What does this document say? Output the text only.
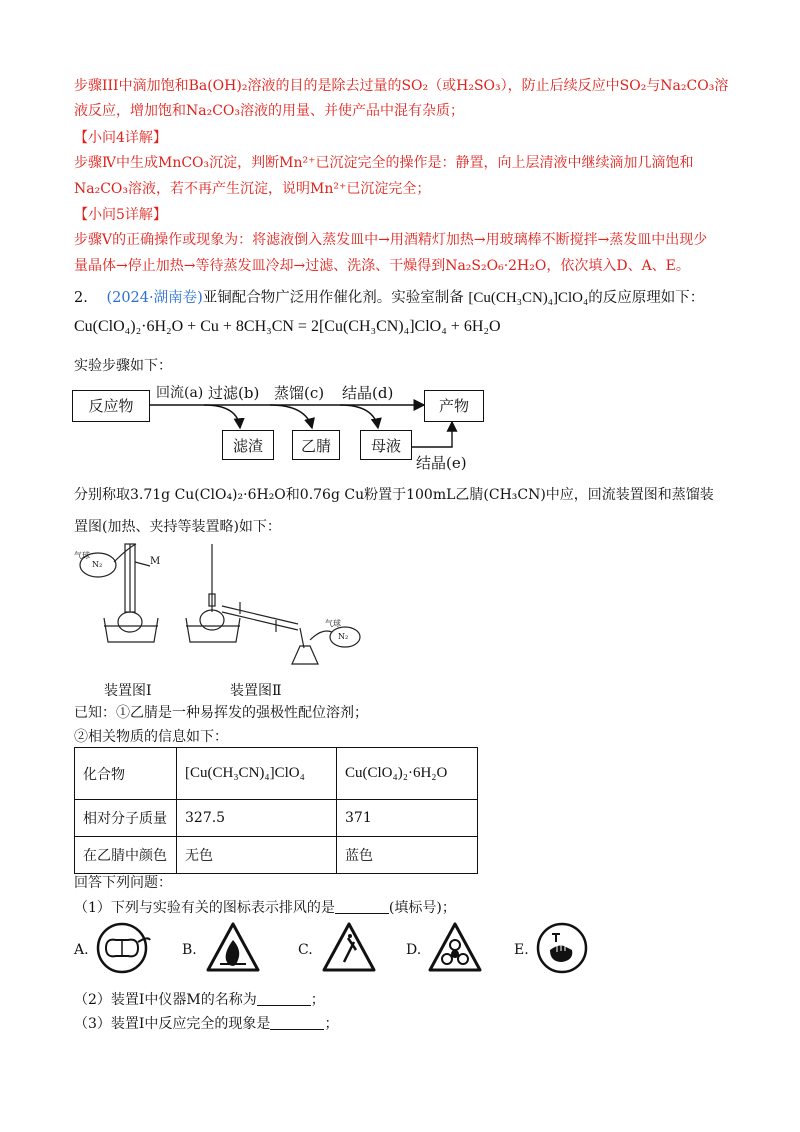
步骤III中滴加饱和Ba(OH)₂溶液的目的是除去过量的SO₂（或H₂SO₃），防止后续反应中SO₂与Na₂CO₃溶
液反应，增加饱和Na₂CO₃溶液的用量、并使产品中混有杂质；
【小问4详解】
步骤Ⅳ中生成MnCO₃沉淀，判断Mn²⁺已沉淀完全的操作是：静置，向上层清液中继续滴加几滴饱和
Na₂CO₃溶液，若不再产生沉淀，说明Mn²⁺已沉淀完全；
【小问5详解】
步骤Ⅴ的正确操作或现象为：将滤液倒入蒸发皿中→用酒精灯加热→用玻璃棒不断搅拌→蒸发皿中出现少
量晶体→停止加热→等待蒸发皿冷却→过滤、洗涤、干燥得到Na₂S₂O₆·2H₂O，依次填入D、A、E。
2. (2024·湖南卷)亚铜配合物广泛用作催化剂。实验室制备 [Cu(CH₃CN)₄]ClO₄的反应原理如下：
Cu(ClO₄)₂·6H₂O + Cu + 8CH₃CN = 2[Cu(CH₃CN)₄]ClO₄ + 6H₂O
实验步骤如下：
反应物
回流(a) 过滤(b) 蒸馏(c) 结晶(d)
产物
滤渣	乙腈	母液
结晶(e)
分别称取3.71g Cu(ClO₄)₂·6H₂O和0.76g Cu粉置于100mL乙腈(CH₃CN)中应，回流装置图和蒸馏装
置图(加热、夹持等装置略)如下：
气球
N₂	M
气球
N₂
装置图Ⅰ	装置图Ⅱ
已知：①乙腈是一种易挥发的强极性配位溶剂；
②相关物质的信息如下：
化合物	[Cu(CH₃CN)₄]ClO₄	Cu(ClO₄)₂·6H₂O
相对分子质量	327.5	371
在乙腈中颜色	无色	蓝色
回答下列问题：
（1）下列与实验有关的图标表示排风的是	(填标号)；
A.	B.	C.	D.	E.
（2）装置Ⅰ中仪器M的名称为	；
（3）装置Ⅰ中反应完全的现象是	；
